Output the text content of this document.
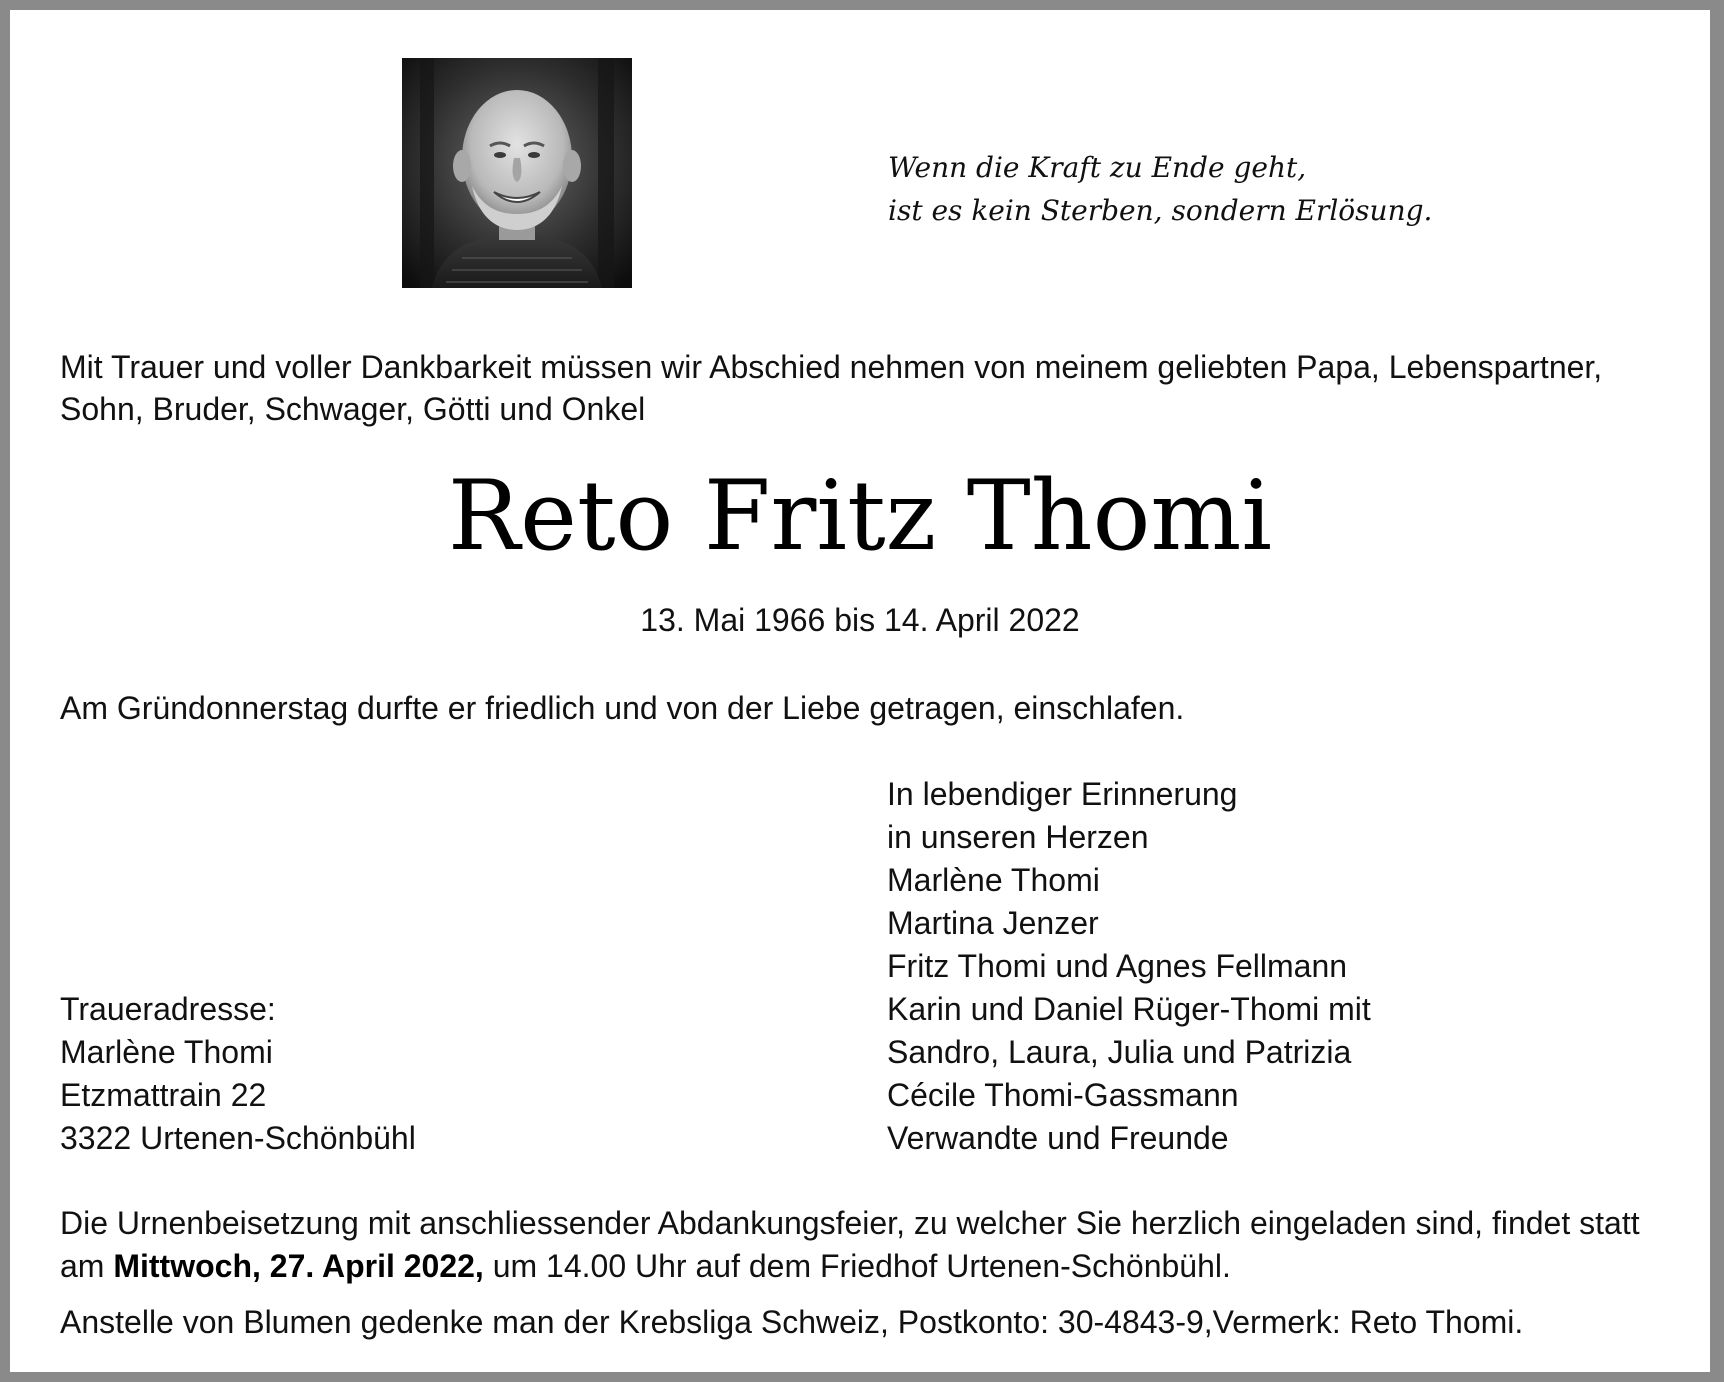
Wenn die Kraft zu Ende geht,
ist es kein Sterben, sondern Erlösung.
Mit Trauer und voller Dankbarkeit müssen wir Abschied nehmen von meinem geliebten Papa, Lebenspartner,
Sohn, Bruder, Schwager, Götti und Onkel
Reto Fritz Thomi
13. Mai 1966 bis 14. April 2022
Am Gründonnerstag durfte er friedlich und von der Liebe getragen, einschlafen.
In lebendiger Erinnerung
in unseren Herzen
Marlène Thomi
Martina Jenzer
Fritz Thomi und Agnes Fellmann
Karin und Daniel Rüger-Thomi mit
Sandro, Laura, Julia und Patrizia
Cécile Thomi-Gassmann
Verwandte und Freunde
Traueradresse:
Marlène Thomi
Etzmattrain 22
3322 Urtenen-Schönbühl
Die Urnenbeisetzung mit anschliessender Abdankungsfeier, zu welcher Sie herzlich eingeladen sind, findet statt
am Mittwoch, 27. April 2022, um 14.00 Uhr auf dem Friedhof Urtenen-Schönbühl.
Anstelle von Blumen gedenke man der Krebsliga Schweiz, Postkonto: 30-4843-9,Vermerk: Reto Thomi.
